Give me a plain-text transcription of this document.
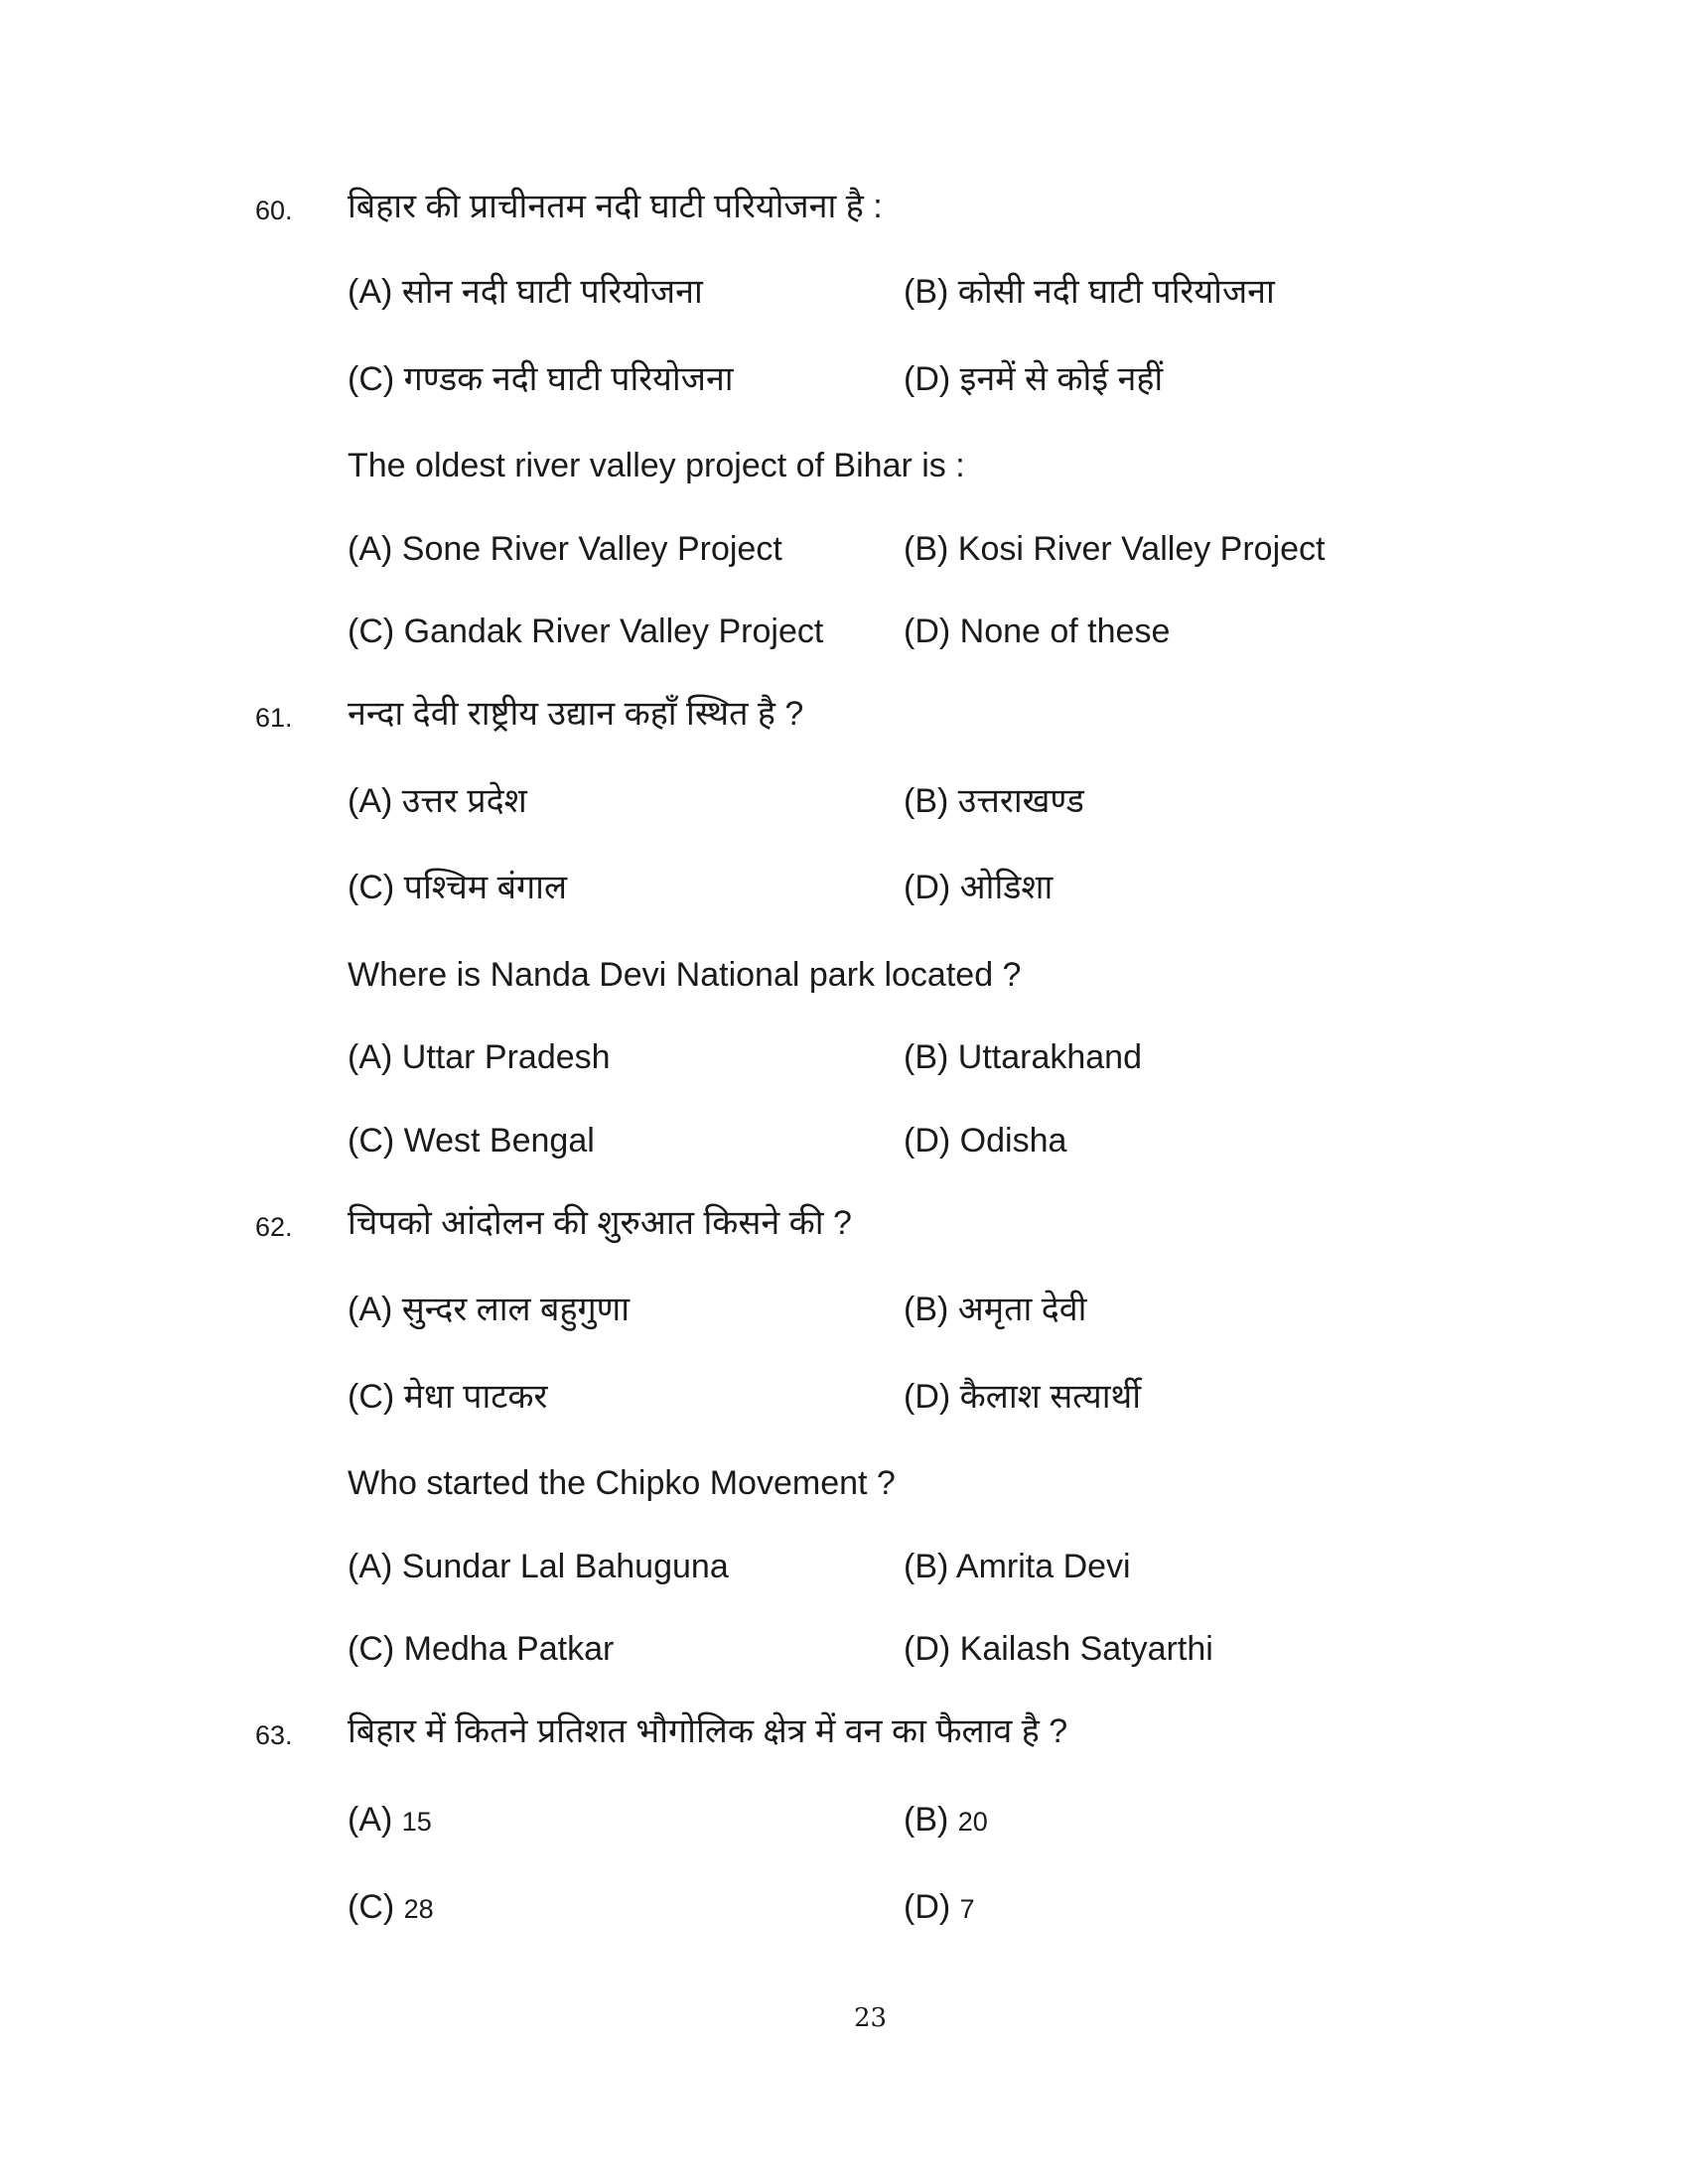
60. बिहार की प्राचीनतम नदी घाटी परियोजना है :
(A) सोन नदी घाटी परियोजना	(B) कोसी नदी घाटी परियोजना
(C) गण्डक नदी घाटी परियोजना	(D) इनमें से कोई नहीं
The oldest river valley project of Bihar is :
(A) Sone River Valley Project	(B) Kosi River Valley Project
(C) Gandak River Valley Project (D) None of these
61. नन्दा देवी राष्ट्रीय उद्यान कहाँ स्थित है ?
(A) उत्तर प्रदेश	(B) उत्तराखण्ड
(C) पश्चिम बंगाल	(D) ओडिशा
Where is Nanda Devi National park located ?
(A) Uttar Pradesh	(B) Uttarakhand
(C) West Bengal	(D) Odisha
62. चिपको आंदोलन की शुरुआत किसने की ?
(A) सुन्दर लाल बहुगुणा	(B) अमृता देवी
(C) मेधा पाटकर	(D) कैलाश सत्यार्थी
Who started the Chipko Movement ?
(A) Sundar Lal Bahuguna	(B) Amrita Devi
(C) Medha Patkar	(D) Kailash Satyarthi
63. बिहार में कितने प्रतिशत भौगोलिक क्षेत्र में वन का फैलाव है ?
(A) 15	(B) 20
(C) 28	(D) 7
23
